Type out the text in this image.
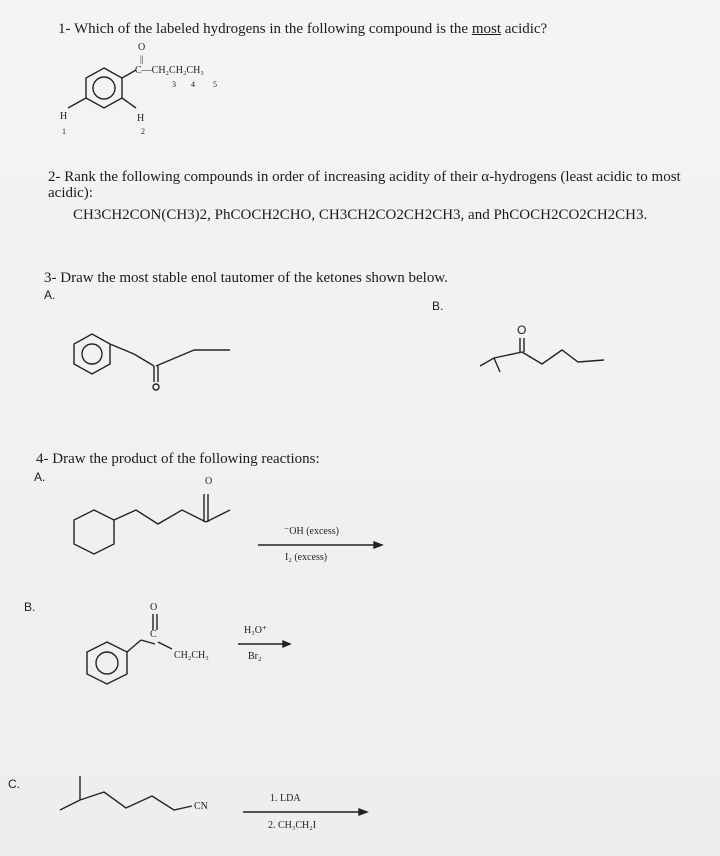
1- Which of the labeled hydrogens in the following compound is the most acidic?
O
||
C—CH₂CH₂CH₃
3 4 5
H
1
H
2
2- Rank the following compounds in order of increasing acidity of their α-hydrogens (least acidic to most
acidic):
CH3CH2CON(CH3)2, PhCOCH2CHO, CH3CH2CO2CH2CH3, and PhCOCH2CO2CH2CH3.
3- Draw the most stable enol tautomer of the ketones shown below.
A.
B.
O
4- Draw the product of the following reactions:
A.	O
⁻OH (excess)
I₂ (excess)
B.	O
C
CH₂CH₃
H₃O⁺
Br₂
C.
CN
1. LDA
2. CH₃CH₂I
